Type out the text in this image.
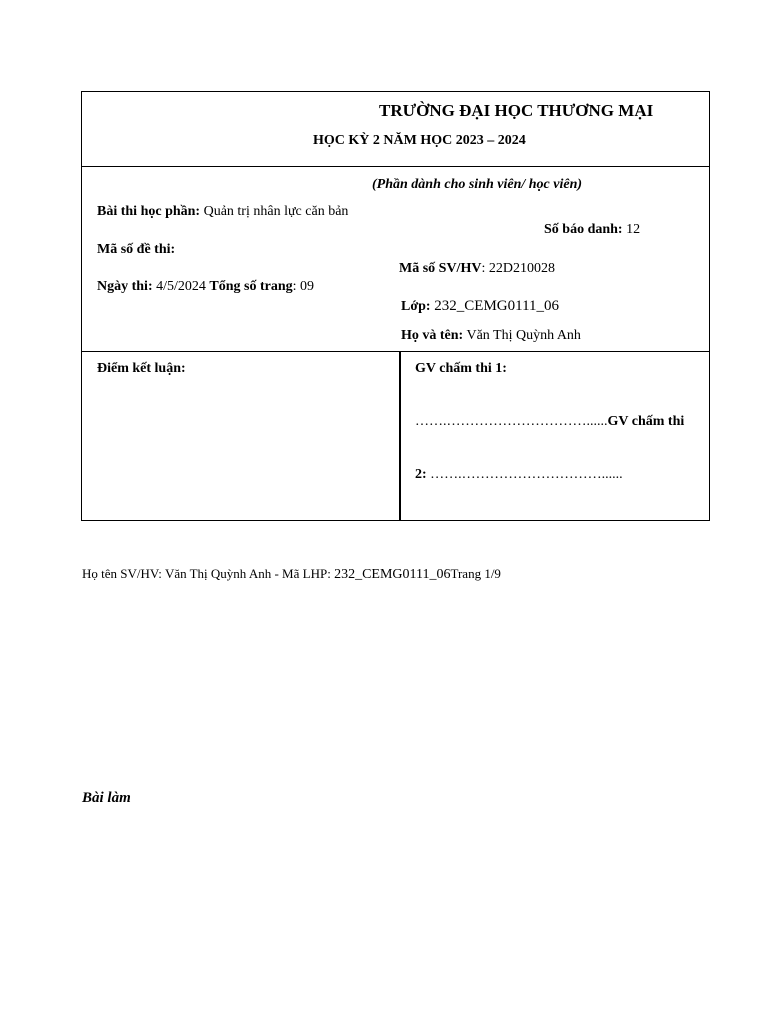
TRƯỜNG ĐẠI HỌC THƯƠNG MẠI
HỌC KỲ 2 NĂM HỌC 2023 – 2024
(Phần dành cho sinh viên/ học viên)
Bài thi học phần: Quản trị nhân lực căn bản
Số báo danh: 12
Mã số đề thi:
Mã số SV/HV: 22D210028
Ngày thi: 4/5/2024 Tổng số trang: 09
Lớp: 232_CEMG0111_06
Họ và tên: Văn Thị Quỳnh Anh
Điểm kết luận:	GV chấm thi 1:
…….…………………………......GV chấm thi
2: …….…………………………......
Họ tên SV/HV: Văn Thị Quỳnh Anh - Mã LHP: 232_CEMG0111_06Trang 1/9
Bài làm
